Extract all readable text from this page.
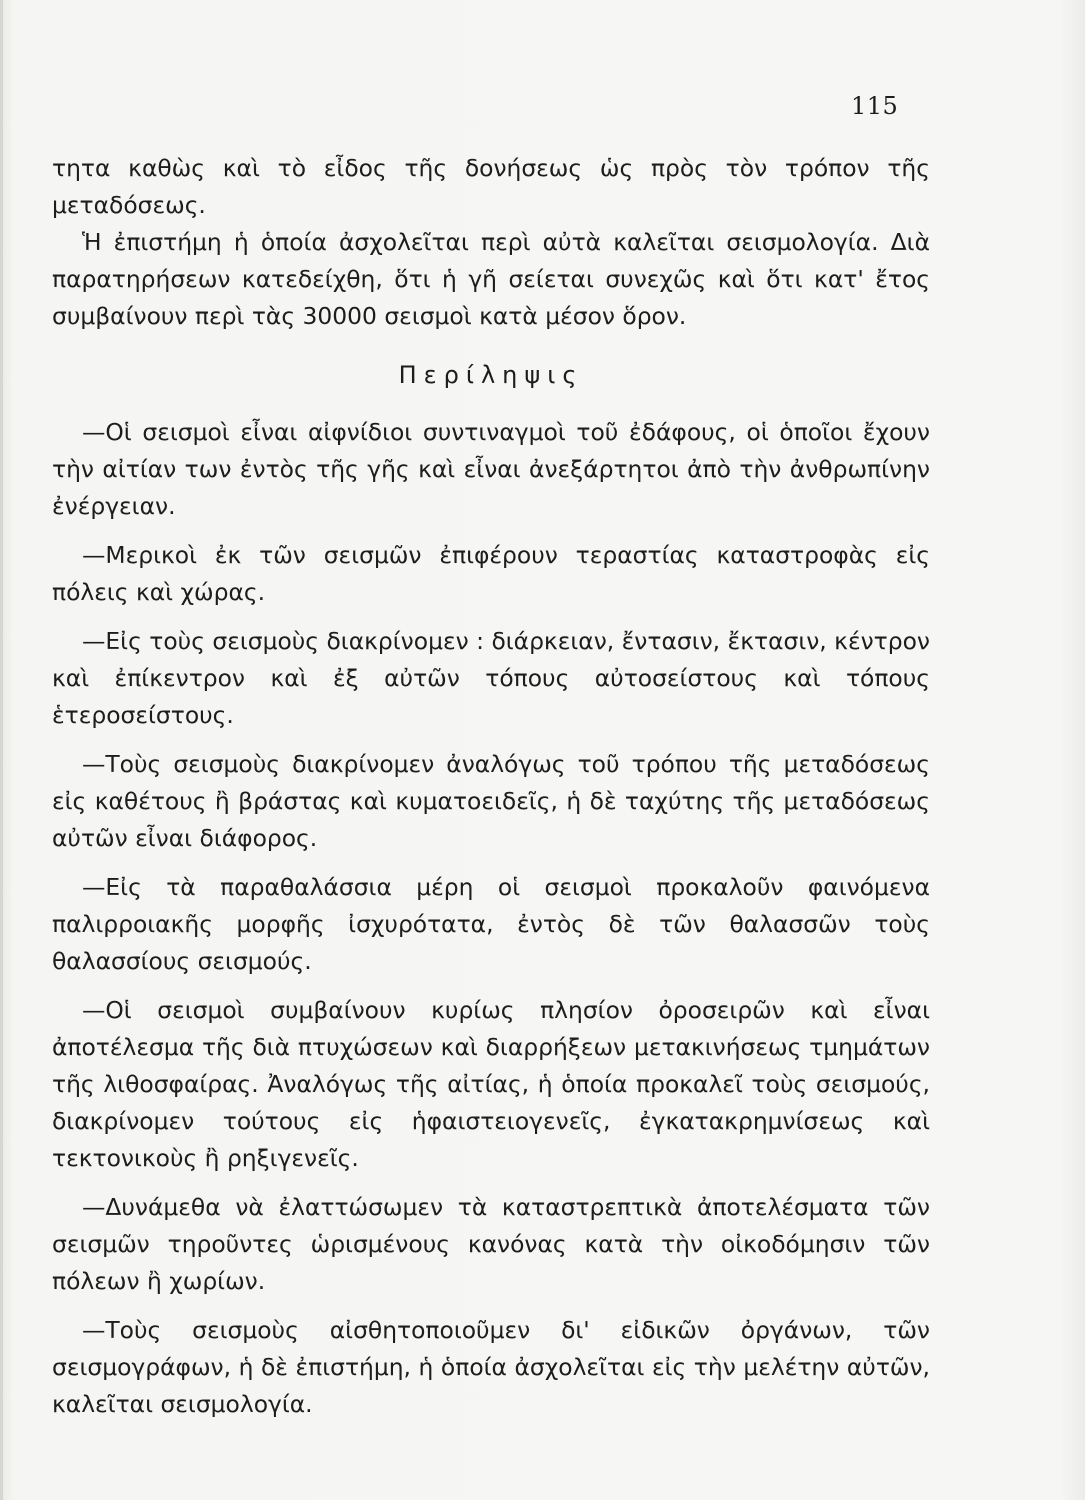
115

τητα καθὼς καὶ τὸ εἶδος τῆς δονήσεως ὡς πρὸς τὸν τρόπον τῆς μεταδόσεως.

Ἡ ἐπιστήμη ἡ ὁποία ἀσχολεῖται περὶ αὐτὰ καλεῖται σεισμολογία. Διὰ παρατηρήσεων κατεδείχθη, ὅτι ἡ γῆ σείεται συνεχῶς καὶ ὅτι κατ' ἔτος συμβαίνουν περὶ τὰς 30000 σεισμοὶ κατὰ μέσον ὅρον.

Περίληψις

—Οἱ σεισμοὶ εἶναι αἰφνίδιοι συντιναγμοὶ τοῦ ἐδάφους, οἱ ὁποῖοι ἔχουν τὴν αἰτίαν των ἐντὸς τῆς γῆς καὶ εἶναι ἀνεξάρτητοι ἀπὸ τὴν ἀνθρωπίνην ἐνέργειαν.

—Μερικοὶ ἐκ τῶν σεισμῶν ἐπιφέρουν τεραστίας καταστροφὰς εἰς πόλεις καὶ χώρας.

—Εἰς τοὺς σεισμοὺς διακρίνομεν : διάρκειαν, ἔντασιν, ἔκτασιν, κέντρον καὶ ἐπίκεντρον καὶ ἐξ αὐτῶν τόπους αὐτοσείστους καὶ τόπους ἑτεροσείστους.

—Τοὺς σεισμοὺς διακρίνομεν ἀναλόγως τοῦ τρόπου τῆς μεταδόσεως εἰς καθέτους ἢ βράστας καὶ κυματοειδεῖς, ἡ δὲ ταχύτης τῆς μεταδόσεως αὐτῶν εἶναι διάφορος.

—Εἰς τὰ παραθαλάσσια μέρη οἱ σεισμοὶ προκαλοῦν φαινόμενα παλιρροιακῆς μορφῆς ἰσχυρότατα, ἐντὸς δὲ τῶν θαλασσῶν τοὺς θαλασσίους σεισμούς.

—Οἱ σεισμοὶ συμβαίνουν κυρίως πλησίον ὀροσειρῶν καὶ εἶναι ἀποτέλεσμα τῆς διὰ πτυχώσεων καὶ διαρρήξεων μετακινήσεως τμημάτων τῆς λιθοσφαίρας. Ἀναλόγως τῆς αἰτίας, ἡ ὁποία προκαλεῖ τοὺς σεισμούς, διακρίνομεν τούτους εἰς ἡφαιστειογενεῖς, ἐγκατακρημνίσεως καὶ τεκτονικοὺς ἢ ρηξιγενεῖς.

—Δυνάμεθα νὰ ἐλαττώσωμεν τὰ καταστρεπτικὰ ἀποτελέσματα τῶν σεισμῶν τηροῦντες ὡρισμένους κανόνας κατὰ τὴν οἰκοδόμησιν τῶν πόλεων ἢ χωρίων.

—Τοὺς σεισμοὺς αἰσθητοποιοῦμεν δι' εἰδικῶν ὀργάνων, τῶν σεισμογράφων, ἡ δὲ ἐπιστήμη, ἡ ὁποία ἀσχολεῖται εἰς τὴν μελέτην αὐτῶν, καλεῖται σεισμολογία.
